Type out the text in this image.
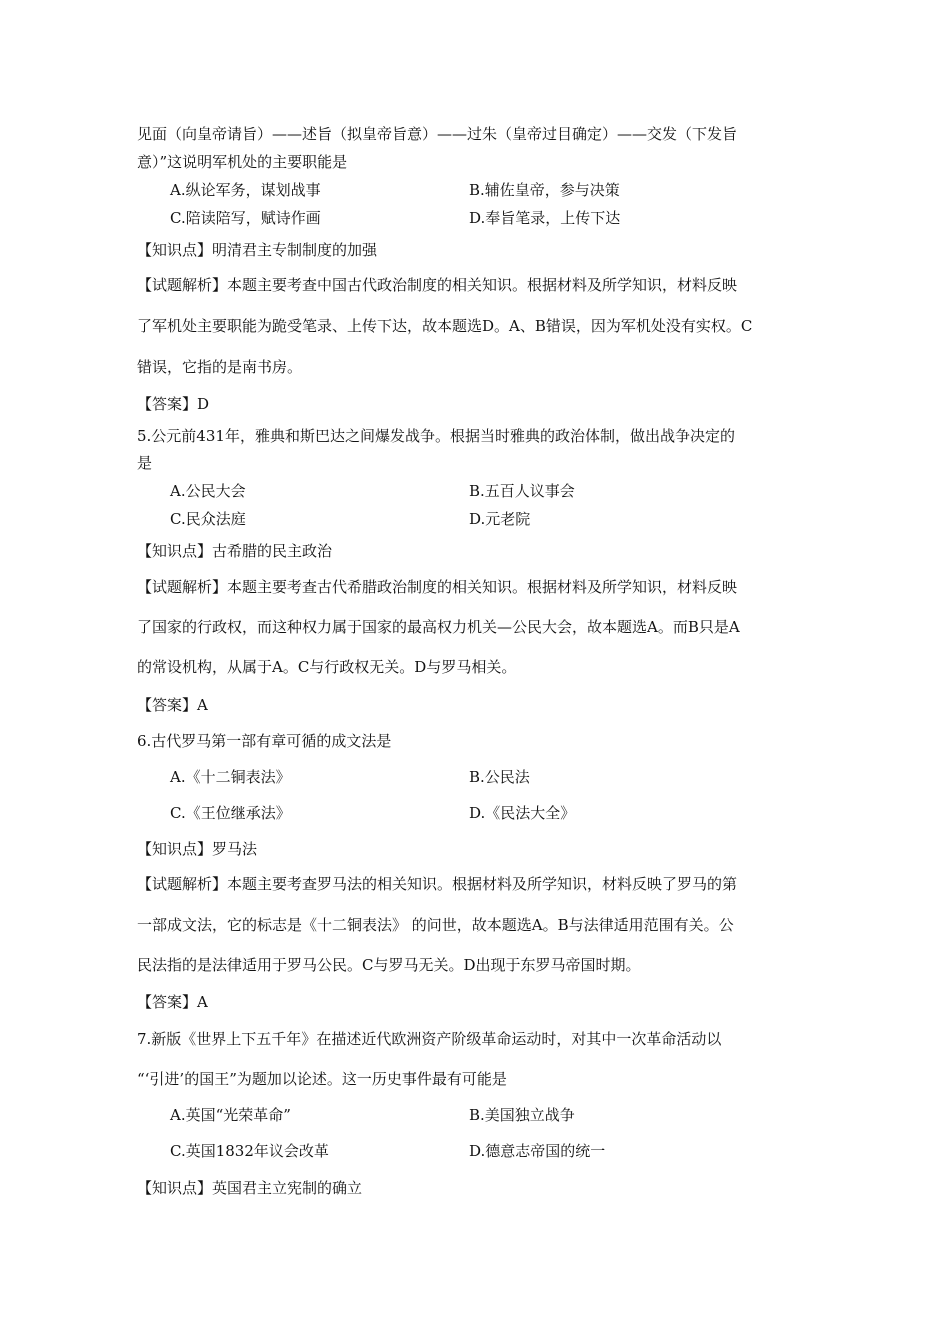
见面（向皇帝请旨）——述旨（拟皇帝旨意）——过朱（皇帝过目确定）——交发（下发旨
意）”这说明军机处的主要职能是
A.纵论军务，谋划战事	B.辅佐皇帝，参与决策
C.陪读陪写，赋诗作画	D.奉旨笔录，上传下达
【知识点】明清君主专制制度的加强
【试题解析】本题主要考查中国古代政治制度的相关知识。根据材料及所学知识，材料反映
了军机处主要职能为跪受笔录、上传下达，故本题选D。A、B错误，因为军机处没有实权。C
错误，它指的是南书房。
【答案】D
5.公元前431年，雅典和斯巴达之间爆发战争。根据当时雅典的政治体制，做出战争决定的
是
A.公民大会	B.五百人议事会
C.民众法庭	D.元老院
【知识点】古希腊的民主政治
【试题解析】本题主要考查古代希腊政治制度的相关知识。根据材料及所学知识，材料反映
了国家的行政权，而这种权力属于国家的最高权力机关—公民大会，故本题选A。而B只是A
的常设机构，从属于A。C与行政权无关。D与罗马相关。
【答案】A
6.古代罗马第一部有章可循的成文法是
A.《十二铜表法》	B.公民法
C.《王位继承法》	D.《民法大全》
【知识点】罗马法
【试题解析】本题主要考查罗马法的相关知识。根据材料及所学知识，材料反映了罗马的第
一部成文法，它的标志是《十二铜表法》 的问世，故本题选A。B与法律适用范围有关。公
民法指的是法律适用于罗马公民。C与罗马无关。D出现于东罗马帝国时期。
【答案】A
7.新版《世界上下五千年》在描述近代欧洲资产阶级革命运动时，对其中一次革命活动以
“‘引进’的国王”为题加以论述。这一历史事件最有可能是
A.英国“光荣革命”	B.美国独立战争
C.英国1832年议会改革	D.德意志帝国的统一
【知识点】英国君主立宪制的确立
